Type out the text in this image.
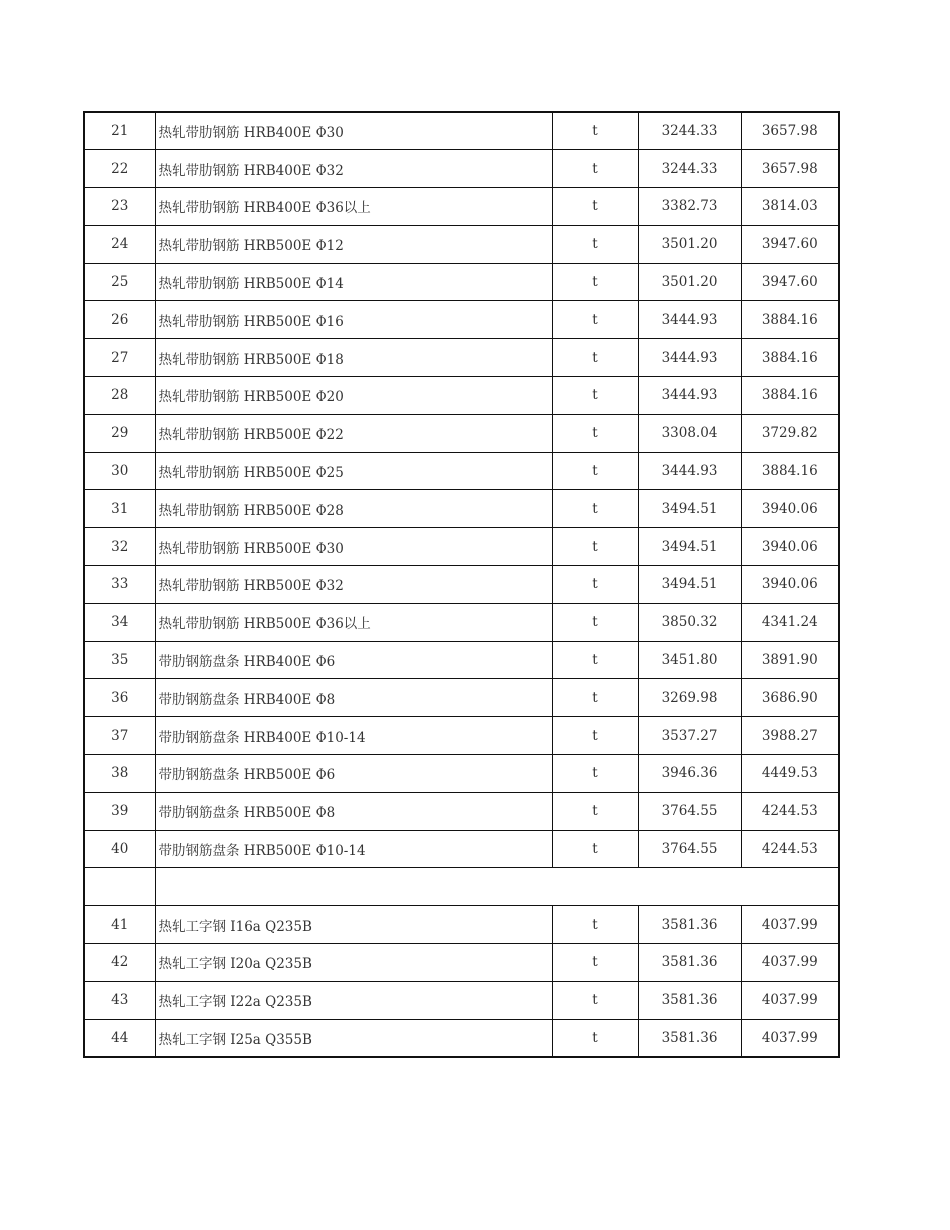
21	热轧带肋钢筋 HRB400E Φ30	t	3244.33	3657.98
22	热轧带肋钢筋 HRB400E Φ32	t	3244.33	3657.98
23	热轧带肋钢筋 HRB400E Φ36以上	t	3382.73	3814.03
24	热轧带肋钢筋 HRB500E Φ12	t	3501.20	3947.60
25	热轧带肋钢筋 HRB500E Φ14	t	3501.20	3947.60
26	热轧带肋钢筋 HRB500E Φ16	t	3444.93	3884.16
27	热轧带肋钢筋 HRB500E Φ18	t	3444.93	3884.16
28	热轧带肋钢筋 HRB500E Φ20	t	3444.93	3884.16
29	热轧带肋钢筋 HRB500E Φ22	t	3308.04	3729.82
30	热轧带肋钢筋 HRB500E Φ25	t	3444.93	3884.16
31	热轧带肋钢筋 HRB500E Φ28	t	3494.51	3940.06
32	热轧带肋钢筋 HRB500E Φ30	t	3494.51	3940.06
33	热轧带肋钢筋 HRB500E Φ32	t	3494.51	3940.06
34	热轧带肋钢筋 HRB500E Φ36以上	t	3850.32	4341.24
35	带肋钢筋盘条 HRB400E Φ6	t	3451.80	3891.90
36	带肋钢筋盘条 HRB400E Φ8	t	3269.98	3686.90
37	带肋钢筋盘条 HRB400E Φ10-14	t	3537.27	3988.27
38	带肋钢筋盘条 HRB500E Φ6	t	3946.36	4449.53
39	带肋钢筋盘条 HRB500E Φ8	t	3764.55	4244.53
40	带肋钢筋盘条 HRB500E Φ10-14	t	3764.55	4244.53

41	热轧工字钢 I16a Q235B	t	3581.36	4037.99
42	热轧工字钢 I20a Q235B	t	3581.36	4037.99
43	热轧工字钢 I22a Q235B	t	3581.36	4037.99
44	热轧工字钢 I25a Q355B	t	3581.36	4037.99
